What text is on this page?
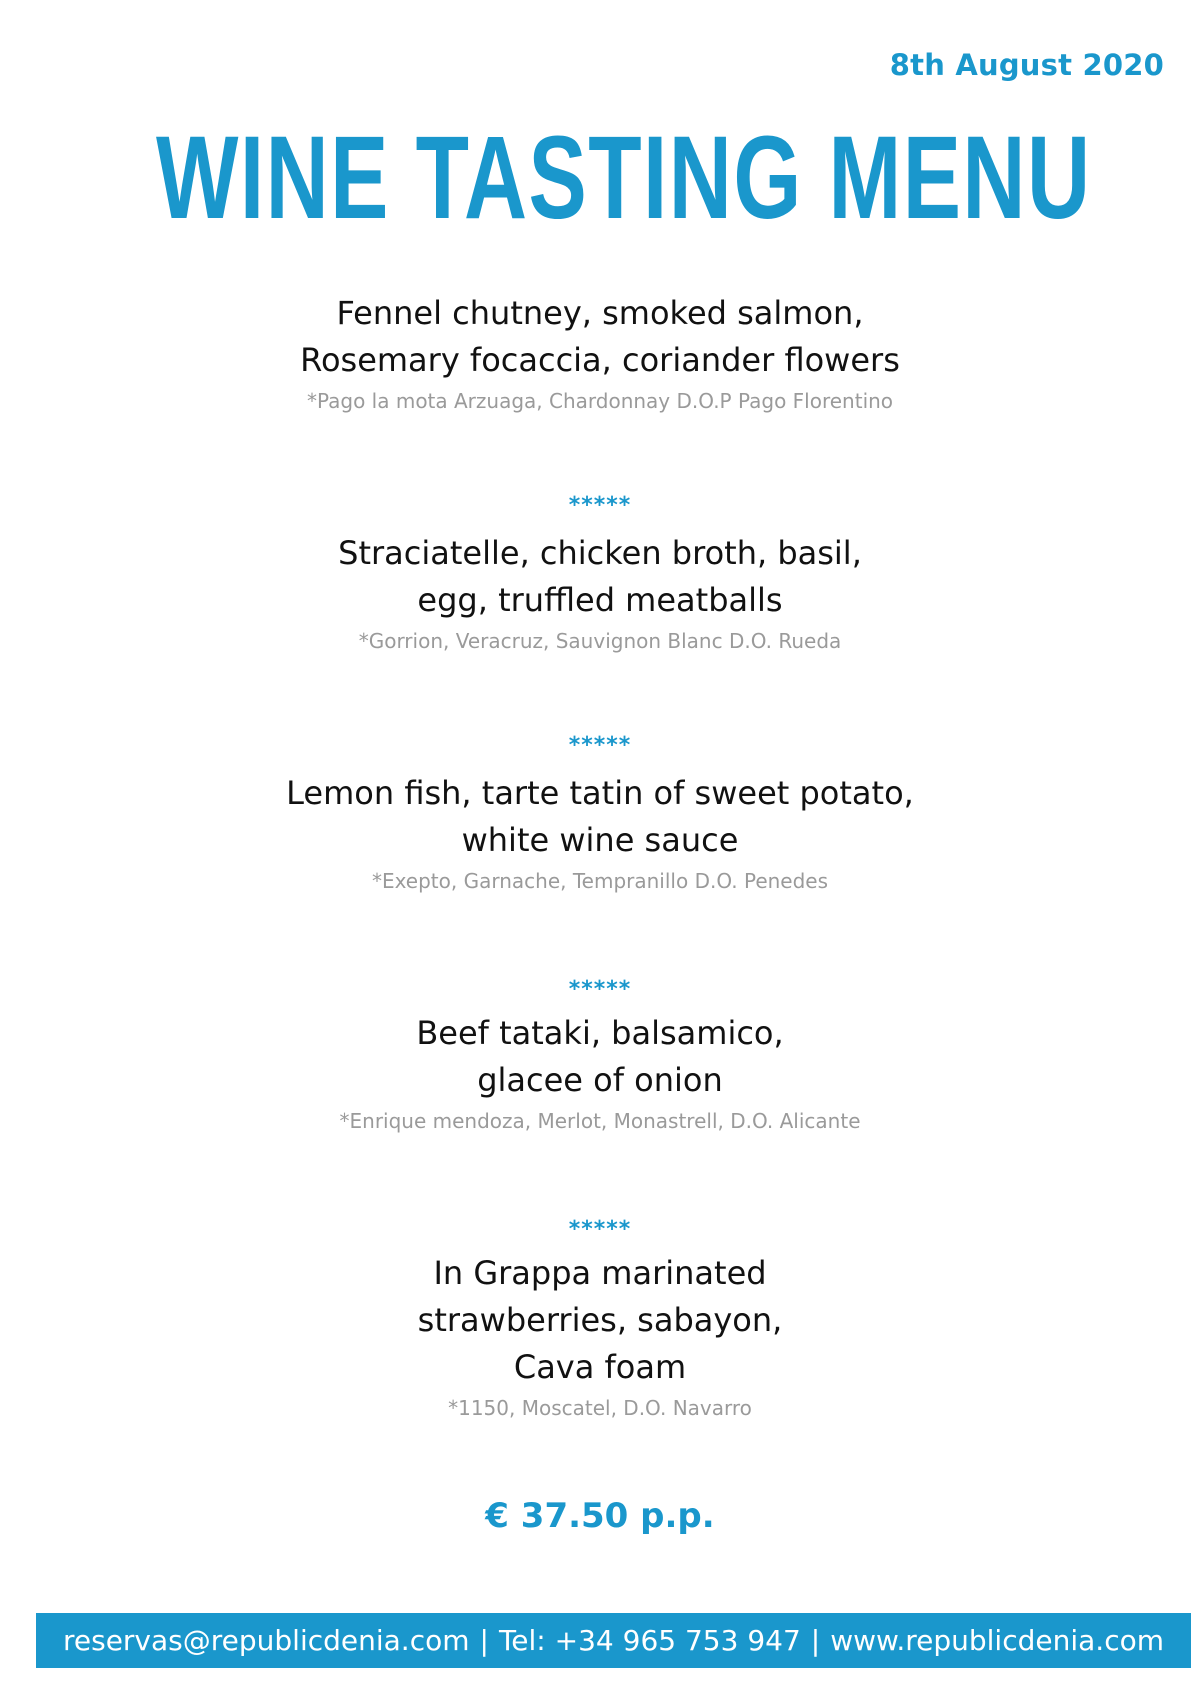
8th August 2020
WINE TASTING MENU
Fennel chutney, smoked salmon,
Rosemary focaccia, coriander flowers
*Pago la mota Arzuaga, Chardonnay D.O.P Pago Florentino
*****
Straciatelle, chicken broth, basil,
egg, truffled meatballs
*Gorrion, Veracruz, Sauvignon Blanc D.O. Rueda
*****
Lemon fish, tarte tatin of sweet potato,
white wine sauce
*Exepto, Garnache, Tempranillo D.O. Penedes
*****
Beef tataki, balsamico,
glacee of onion
*Enrique mendoza, Merlot, Monastrell, D.O. Alicante
*****
In Grappa marinated
strawberries, sabayon,
Cava foam
*1150, Moscatel, D.O. Navarro
€ 37.50 p.p.
reservas@republicdenia.com | Tel: +34 965 753 947 | www.republicdenia.com
